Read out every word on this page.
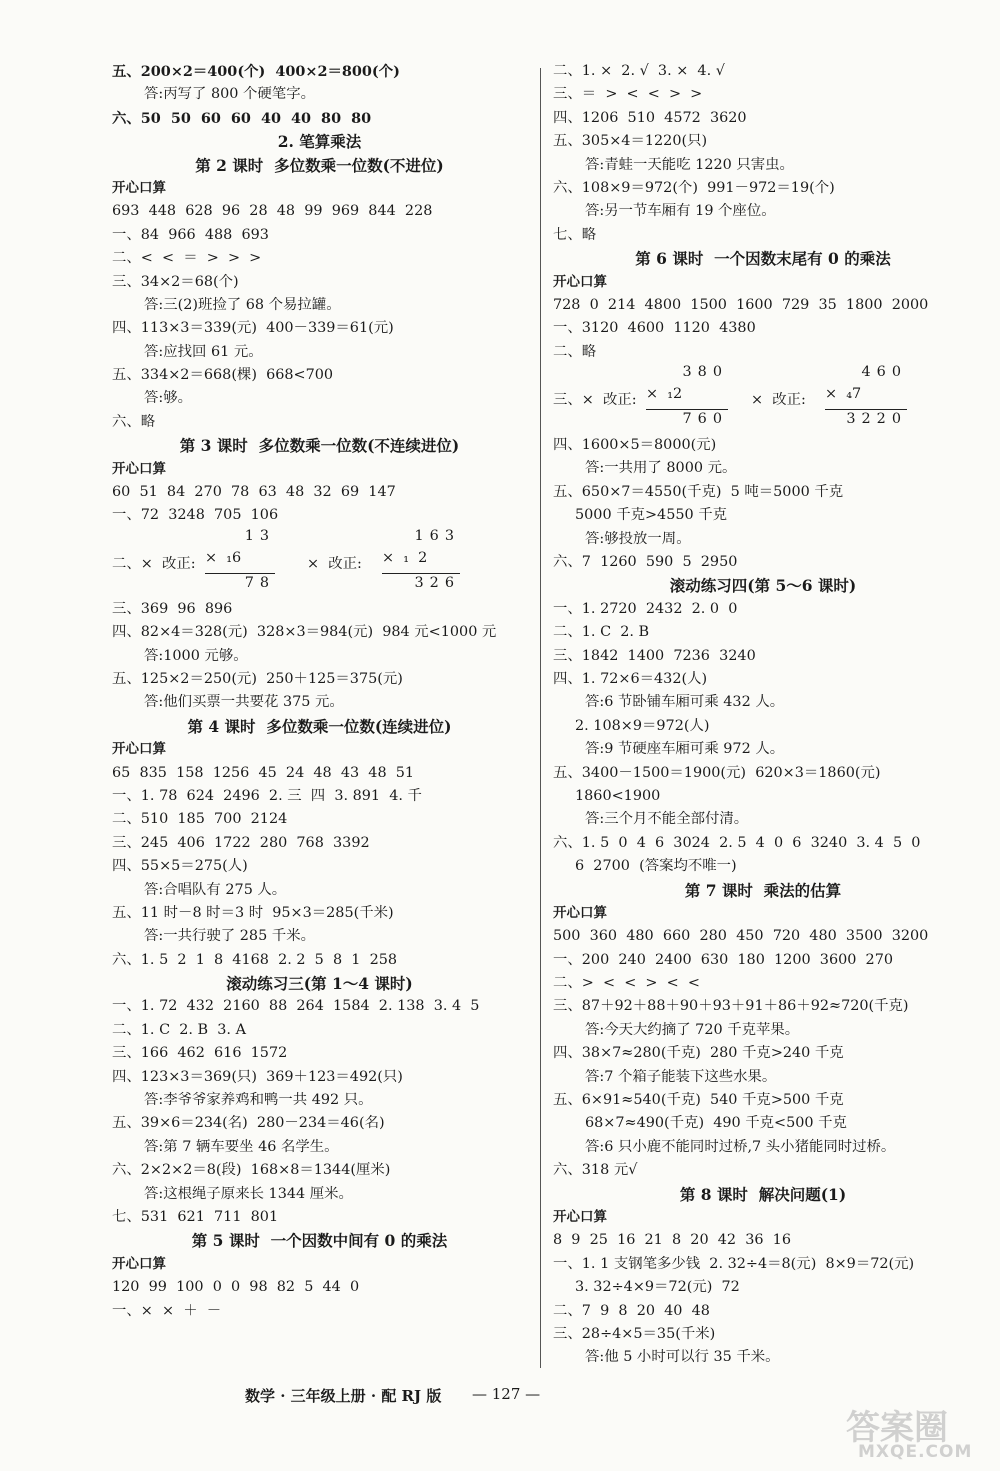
五、200×2＝400(个)  400×2＝800(个)
答:丙写了 800 个硬笔字。
六、50  50  60  60  40  40  80  80
2. 笔算乘法
第 2 课时  多位数乘一位数(不进位)
开心口算
693  448  628  96  28  48  99  969  844  228
一、84  966  488  693
二、<  <  ＝  >  >  >
三、34×2＝68(个)
答:三(2)班捡了 68 个易拉罐。
四、113×3＝339(元)  400－339＝61(元)
答:应找回 61 元。
五、334×2＝668(棵)  668<700
答:够。
六、略
第 3 课时  多位数乘一位数(不连续进位)
开心口算
60  51  84  270  78  63  48  32  69  147
一、72  3248  705  106
二、×  改正:
13
×  ₁6
78
×  改正:
163
×  ₁  2
326
三、369  96  896
四、82×4＝328(元)  328×3＝984(元)  984 元<1000 元
答:1000 元够。
五、125×2＝250(元)  250＋125＝375(元)
答:他们买票一共要花 375 元。
第 4 课时  多位数乘一位数(连续进位)
开心口算
65  835  158  1256  45  24  48  43  48  51
一、1. 78  624  2496  2. 三  四  3. 891  4. 千
二、510  185  700  2124
三、245  406  1722  280  768  3392
四、55×5＝275(人)
答:合唱队有 275 人。
五、11 时－8 时＝3 时  95×3＝285(千米)
答:一共行驶了 285 千米。
六、1. 5  2  1  8  4168  2. 2  5  8  1  258
滚动练习三(第 1～4 课时)
一、1. 72  432  2160  88  264  1584  2. 138  3. 4  5
二、1. C  2. B  3. A
三、166  462  616  1572
四、123×3＝369(只)  369＋123＝492(只)
答:李爷爷家养鸡和鸭一共 492 只。
五、39×6＝234(名)  280－234＝46(名)
答:第 7 辆车要坐 46 名学生。
六、2×2×2＝8(段)  168×8＝1344(厘米)
答:这根绳子原来长 1344 厘米。
七、531  621  711  801
第 5 课时  一个因数中间有 0 的乘法
开心口算
120  99  100  0  0  98  82  5  44  0
一、×  ×  ＋  －
二、1. ×  2. √  3. ×  4. √
三、＝  >  <  <  >  >
四、1206  510  4572  3620
五、305×4＝1220(只)
答:青蛙一天能吃 1220 只害虫。
六、108×9＝972(个)  991－972＝19(个)
答:另一节车厢有 19 个座位。
七、略
第 6 课时  一个因数末尾有 0 的乘法
开心口算
728  0  214  4800  1500  1600  729  35  1800  2000
一、3120  4600  1120  4380
二、略
三、×  改正:
380
×  ₁2
760
×  改正:
460
×  ₄7
3220
四、1600×5＝8000(元)
答:一共用了 8000 元。
五、650×7＝4550(千克)  5 吨＝5000 千克
5000 千克>4550 千克
答:够投放一周。
六、7  1260  590  5  2950
滚动练习四(第 5～6 课时)
一、1. 2720  2432  2. 0  0
二、1. C  2. B
三、1842  1400  7236  3240
四、1. 72×6＝432(人)
答:6 节卧铺车厢可乘 432 人。
2. 108×9＝972(人)
答:9 节硬座车厢可乘 972 人。
五、3400－1500＝1900(元)  620×3＝1860(元)
1860<1900
答:三个月不能全部付清。
六、1. 5  0  4  6  3024  2. 5  4  0  6  3240  3. 4  5  0
6  2700  (答案均不唯一)
第 7 课时  乘法的估算
开心口算
500  360  480  660  280  450  720  480  3500  3200
一、200  240  2400  630  180  1200  3600  270
二、>  <  <  >  <  <
三、87＋92＋88＋90＋93＋91＋86＋92≈720(千克)
答:今天大约摘了 720 千克苹果。
四、38×7≈280(千克)  280 千克>240 千克
答:7 个箱子能装下这些水果。
五、6×91≈540(千克)  540 千克>500 千克
68×7≈490(千克)  490 千克<500 千克
答:6 只小鹿不能同时过桥,7 头小猪能同时过桥。
六、318 元√
第 8 课时  解决问题(1)
开心口算
8  9  25  16  21  8  20  42  36  16
一、1. 1 支钢笔多少钱  2. 32÷4＝8(元)  8×9＝72(元)
3. 32÷4×9＝72(元)  72
二、7  9  8  20  40  48
三、28÷4×5＝35(千米)
答:他 5 小时可以行 35 千米。
数学 · 三年级上册 · 配 RJ 版 — 127 —
答案圈
MXQE.COM
